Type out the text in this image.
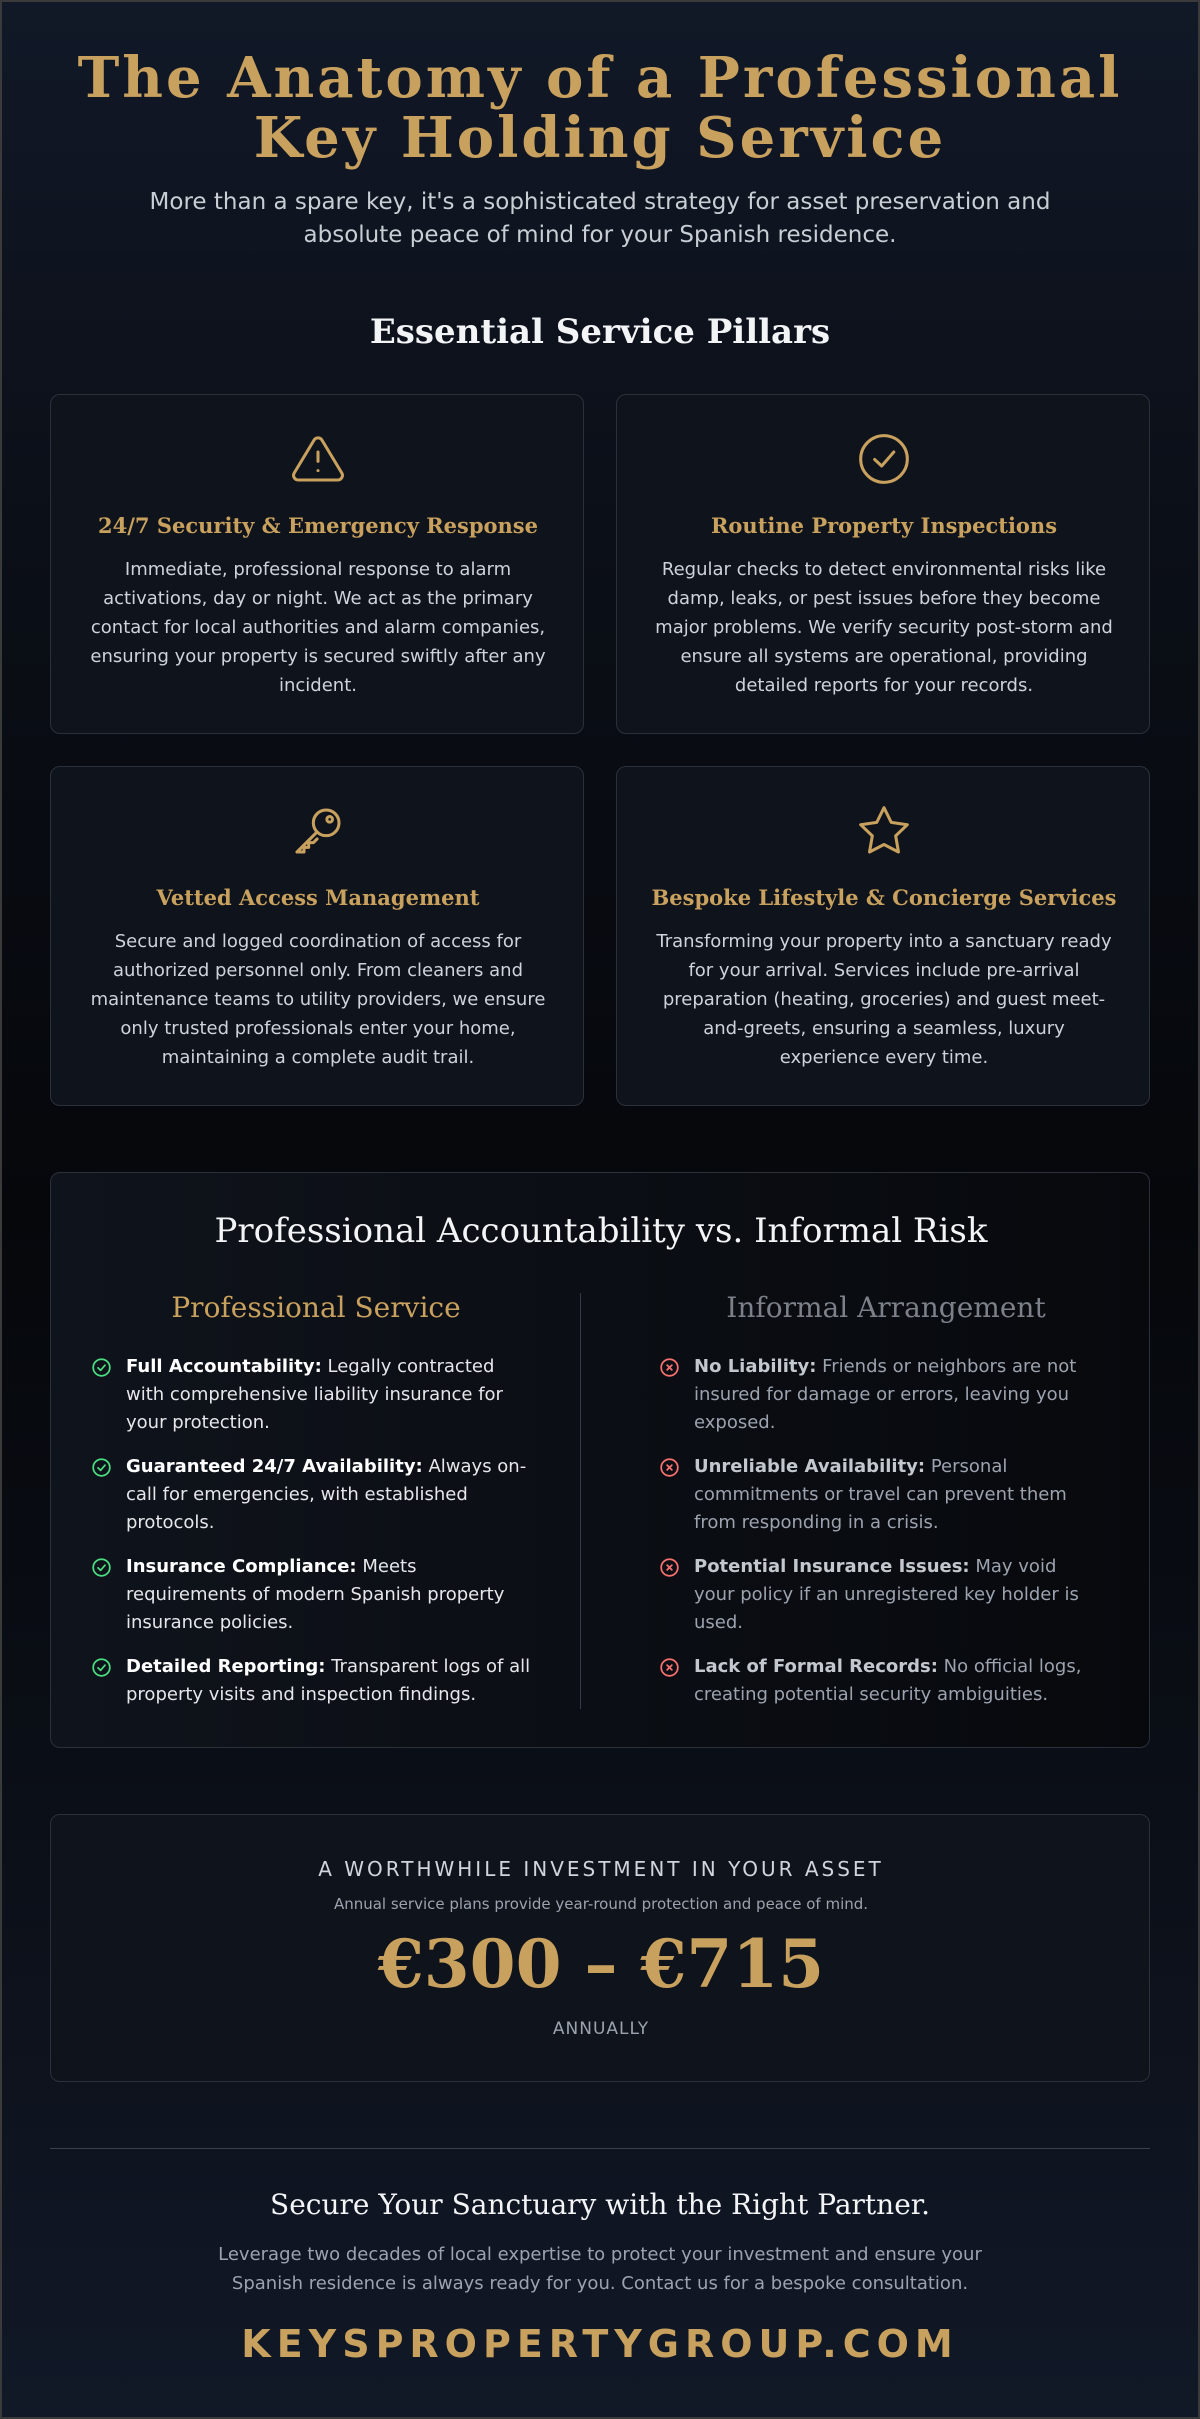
The Anatomy of a Professional Key Holding Service

More than a spare key, it's a sophisticated strategy for asset preservation and absolute peace of mind for your Spanish residence.

Essential Service Pillars
24/7 Security & Emergency Response
Immediate, professional response to alarm activations, day or night. We act as the primary contact for local authorities and alarm companies, ensuring your property is secured swiftly after any incident.
Routine Property Inspections
Regular checks to detect environmental risks like damp, leaks, or pest issues before they become major problems. We verify security post-storm and ensure all systems are operational, providing detailed reports for your records.
Vetted Access Management
Secure and logged coordination of access for authorized personnel only. From cleaners and maintenance teams to utility providers, we ensure only trusted professionals enter your home, maintaining a complete audit trail.
Bespoke Lifestyle & Concierge Services
Transforming your property into a sanctuary ready for your arrival. Services include pre-arrival preparation (heating, groceries) and guest meet-and-greets, ensuring a seamless, luxury experience every time.
Professional Accountability vs. Informal Risk
Professional Service	Informal Arrangement
Full Accountability: Legally contracted with comprehensive liability insurance for your protection.
Guaranteed 24/7 Availability: Always on-call for emergencies, with established protocols.
Insurance Compliance: Meets requirements of modern Spanish property insurance policies.
Detailed Reporting: Transparent logs of all property visits and inspection findings.
No Liability: Friends or neighbors are not insured for damage or errors, leaving you exposed.
Unreliable Availability: Personal commitments or travel can prevent them from responding in a crisis.
Potential Insurance Issues: May void your policy if an unregistered key holder is used.
Lack of Formal Records: No official logs, creating potential security ambiguities.
A WORTHWHILE INVESTMENT IN YOUR ASSET
Annual service plans provide year-round protection and peace of mind.
€300 – €715
ANNUALLY
Secure Your Sanctuary with the Right Partner.
Leverage two decades of local expertise to protect your investment and ensure your Spanish residence is always ready for you. Contact us for a bespoke consultation.
KEYSPROPERTYGROUP.COM
